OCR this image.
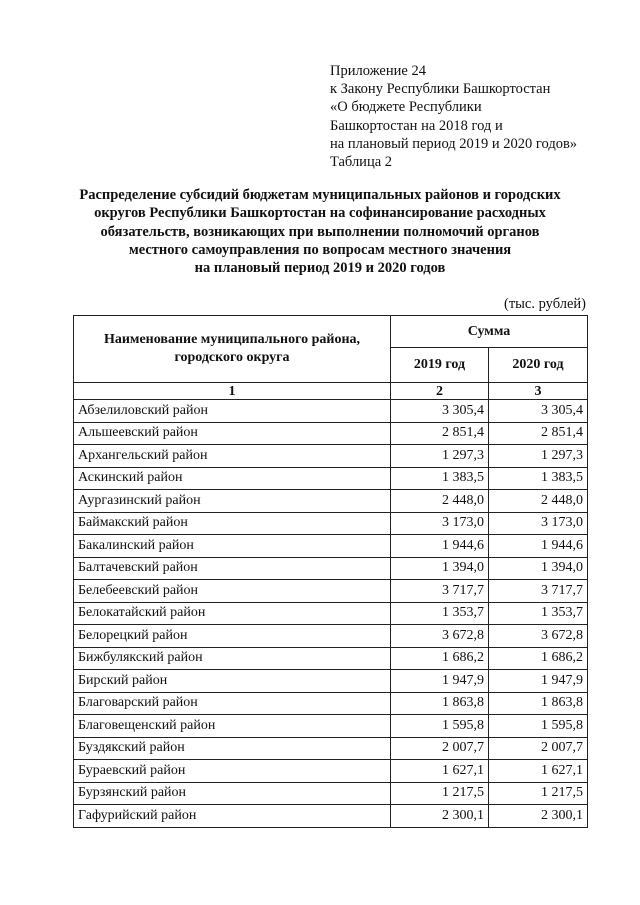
Приложение 24
к Закону Республики Башкортостан
«О бюджете Республики
Башкортостан на 2018 год и
на плановый период 2019 и 2020 годов»
Таблица 2
Распределение субсидий бюджетам муниципальных районов и городских
округов Республики Башкортостан на софинансирование расходных
обязательств, возникающих при выполнении полномочий органов
местного самоуправления по вопросам местного значения
на плановый период 2019 и 2020 годов
(тыс. рублей)
Наименование муниципального района,
городского округа	Сумма	
	2019 год	2020 год
1	2	3
Абзелиловский район	3 305,4	3 305,4
Альшеевский район	2 851,4	2 851,4
Архангельский район	1 297,3	1 297,3
Аскинский район	1 383,5	1 383,5
Аургазинский район	2 448,0	2 448,0
Баймакский район	3 173,0	3 173,0
Бакалинский район	1 944,6	1 944,6
Балтачевский район	1 394,0	1 394,0
Белебеевский район	3 717,7	3 717,7
Белокатайский район	1 353,7	1 353,7
Белорецкий район	3 672,8	3 672,8
Бижбулякский район	1 686,2	1 686,2
Бирский район	1 947,9	1 947,9
Благоварский район	1 863,8	1 863,8
Благовещенский район	1 595,8	1 595,8
Буздякский район	2 007,7	2 007,7
Бураевский район	1 627,1	1 627,1
Бурзянский район	1 217,5	1 217,5
Гафурийский район	2 300,1	2 300,1
